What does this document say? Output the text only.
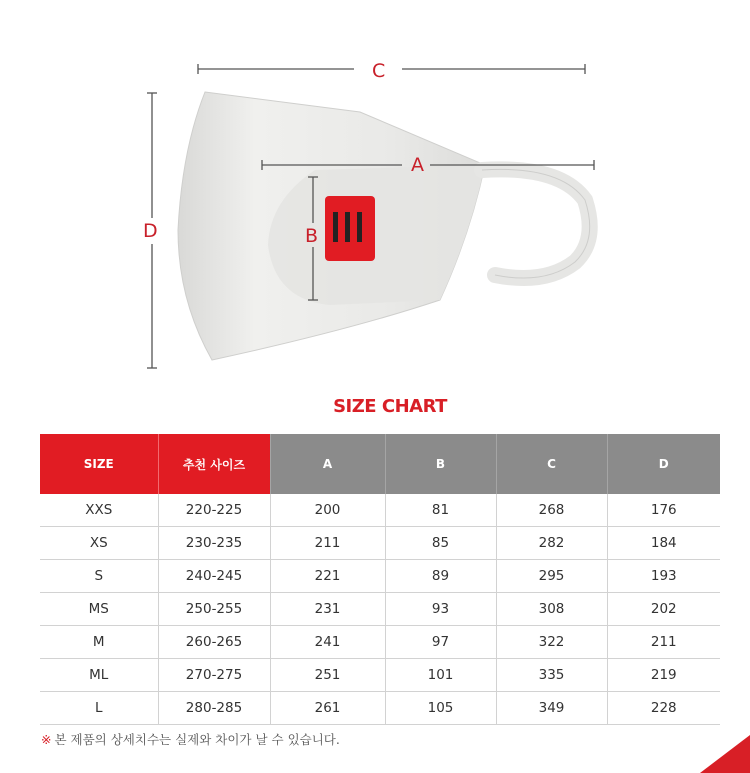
C
A
D	B
SIZE CHART
SIZE	추천 사이즈	A	B	C	D
XXS	220-225	200	81	268	176
XS	230-235	211	85	282	184
S	240-245	221	89	295	193
MS	250-255	231	93	308	202
M	260-265	241	97	322	211
ML	270-275	251	101	335	219
L	280-285	261	105	349	228
※ 본 제품의 상세치수는 실제와 차이가 날 수 있습니다.
